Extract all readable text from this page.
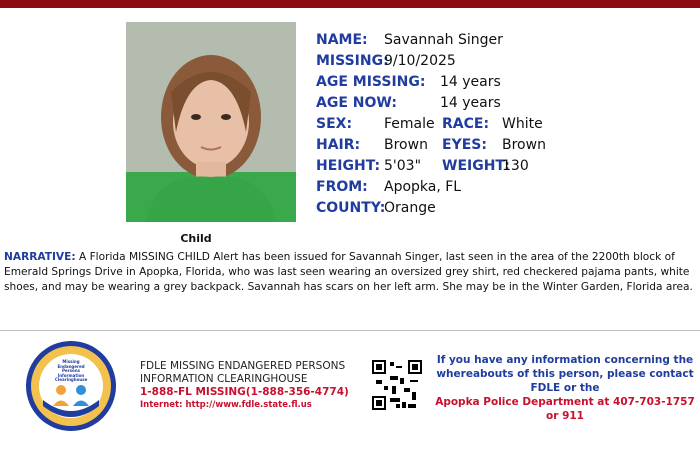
Child
NAME: Savannah Singer
MISSING:
9/10/2025
AGE MISSING: 14 years
AGE NOW:	14 years
SEX: Female RACE: White
HAIR: Brown EYES: Brown
HEIGHT: 5'03" WEIGHT:
130
FROM: Apopka, FL
COUNTY:
Orange
NARRATIVE: A Florida MISSING CHILD Alert has been issued for Savannah Singer, last seen in the area of the 2200th block of Emerald Springs Drive in Apopka, Florida, who was last seen wearing an oversized grey shirt, red checkered pajama pants, white shoes, and may be wearing a grey backpack. Savannah has scars on her left arm. She may be in the Winter Garden, Florida area.
Missing Endangered Persons Information Clearinghouse
FDLE MISSING ENDANGERED PERSONS
INFORMATION CLEARINGHOUSE
1-888-FL MISSING(1-888-356-4774)
Internet: http://www.fdle.state.fl.us
If you have any information concerning the whereabouts of this person, please contact
FDLE or the
Apopka Police Department at 407-703-1757 or 911
